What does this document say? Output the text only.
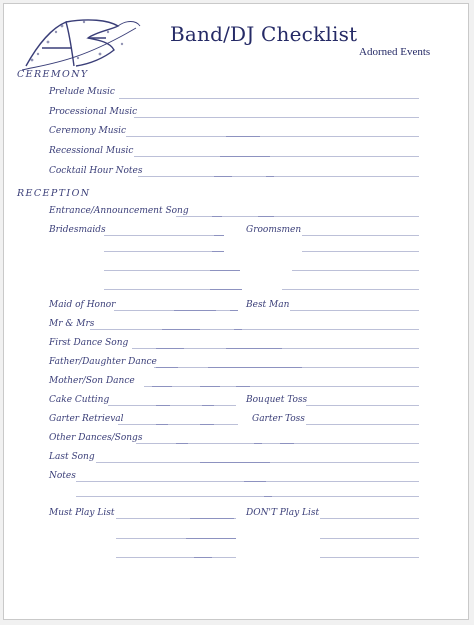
Band/DJ Checklist
Adorned Events
CEREMONY
Prelude Music
Processional Music
Ceremony Music
Recessional Music
Cocktail Hour Notes
RECEPTION
Entrance/Announcement Song
Bridesmaids	Groomsmen
Maid of Honor	Best Man
Mr & Mrs
First Dance Song
Father/Daughter Dance
Mother/Son Dance
Cake Cutting	Bouquet Toss
Garter Retrieval	Garter Toss
Other Dances/Songs
Last Song
Notes
Must Play List	DON'T Play List
